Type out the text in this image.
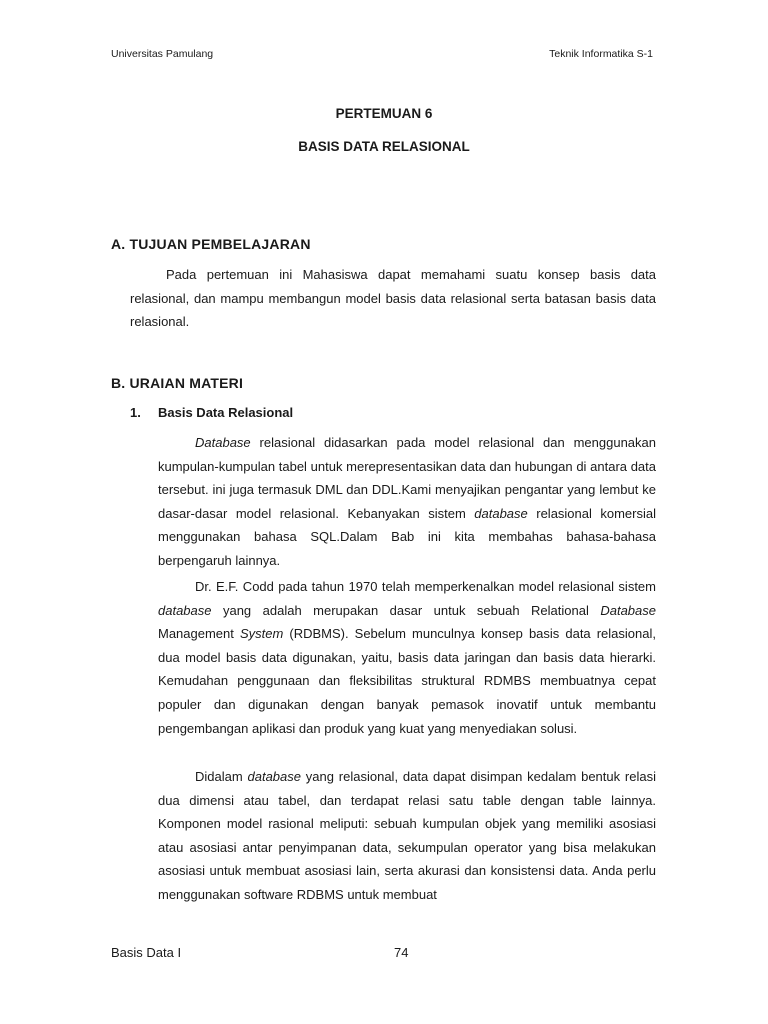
Universitas Pamulang	Teknik Informatika S-1
PERTEMUAN 6
BASIS DATA RELASIONAL
A. TUJUAN PEMBELAJARAN

Pada pertemuan ini Mahasiswa dapat memahami suatu konsep basis data relasional, dan mampu membangun model basis data relasional serta batasan basis data relasional.

B. URAIAN MATERI
1. Basis Data Relasional

Database relasional didasarkan pada model relasional dan menggunakan kumpulan-kumpulan tabel untuk merepresentasikan data dan hubungan di antara data tersebut. ini juga termasuk DML dan DDL.Kami menyajikan pengantar yang lembut ke dasar-dasar model relasional. Kebanyakan sistem database relasional komersial menggunakan bahasa SQL.Dalam Bab ini kita membahas bahasa-bahasa berpengaruh lainnya.

Dr. E.F. Codd pada tahun 1970 telah memperkenalkan model relasional sistem database yang adalah merupakan dasar untuk sebuah Relational Database Management System (RDBMS). Sebelum munculnya konsep basis data relasional, dua model basis data digunakan, yaitu, basis data jaringan dan basis data hierarki. Kemudahan penggunaan dan fleksibilitas struktural RDMBS membuatnya cepat populer dan digunakan dengan banyak pemasok inovatif untuk membantu pengembangan aplikasi dan produk yang kuat yang menyediakan solusi.

Didalam database yang relasional, data dapat disimpan kedalam bentuk relasi dua dimensi atau tabel, dan terdapat relasi satu table dengan table lainnya. Komponen model rasional meliputi: sebuah kumpulan objek yang memiliki asosiasi atau asosiasi antar penyimpanan data, sekumpulan operator yang bisa melakukan asosiasi untuk membuat asosiasi lain, serta akurasi dan konsistensi data. Anda perlu menggunakan software RDBMS untuk membuat

Basis Data I	74
